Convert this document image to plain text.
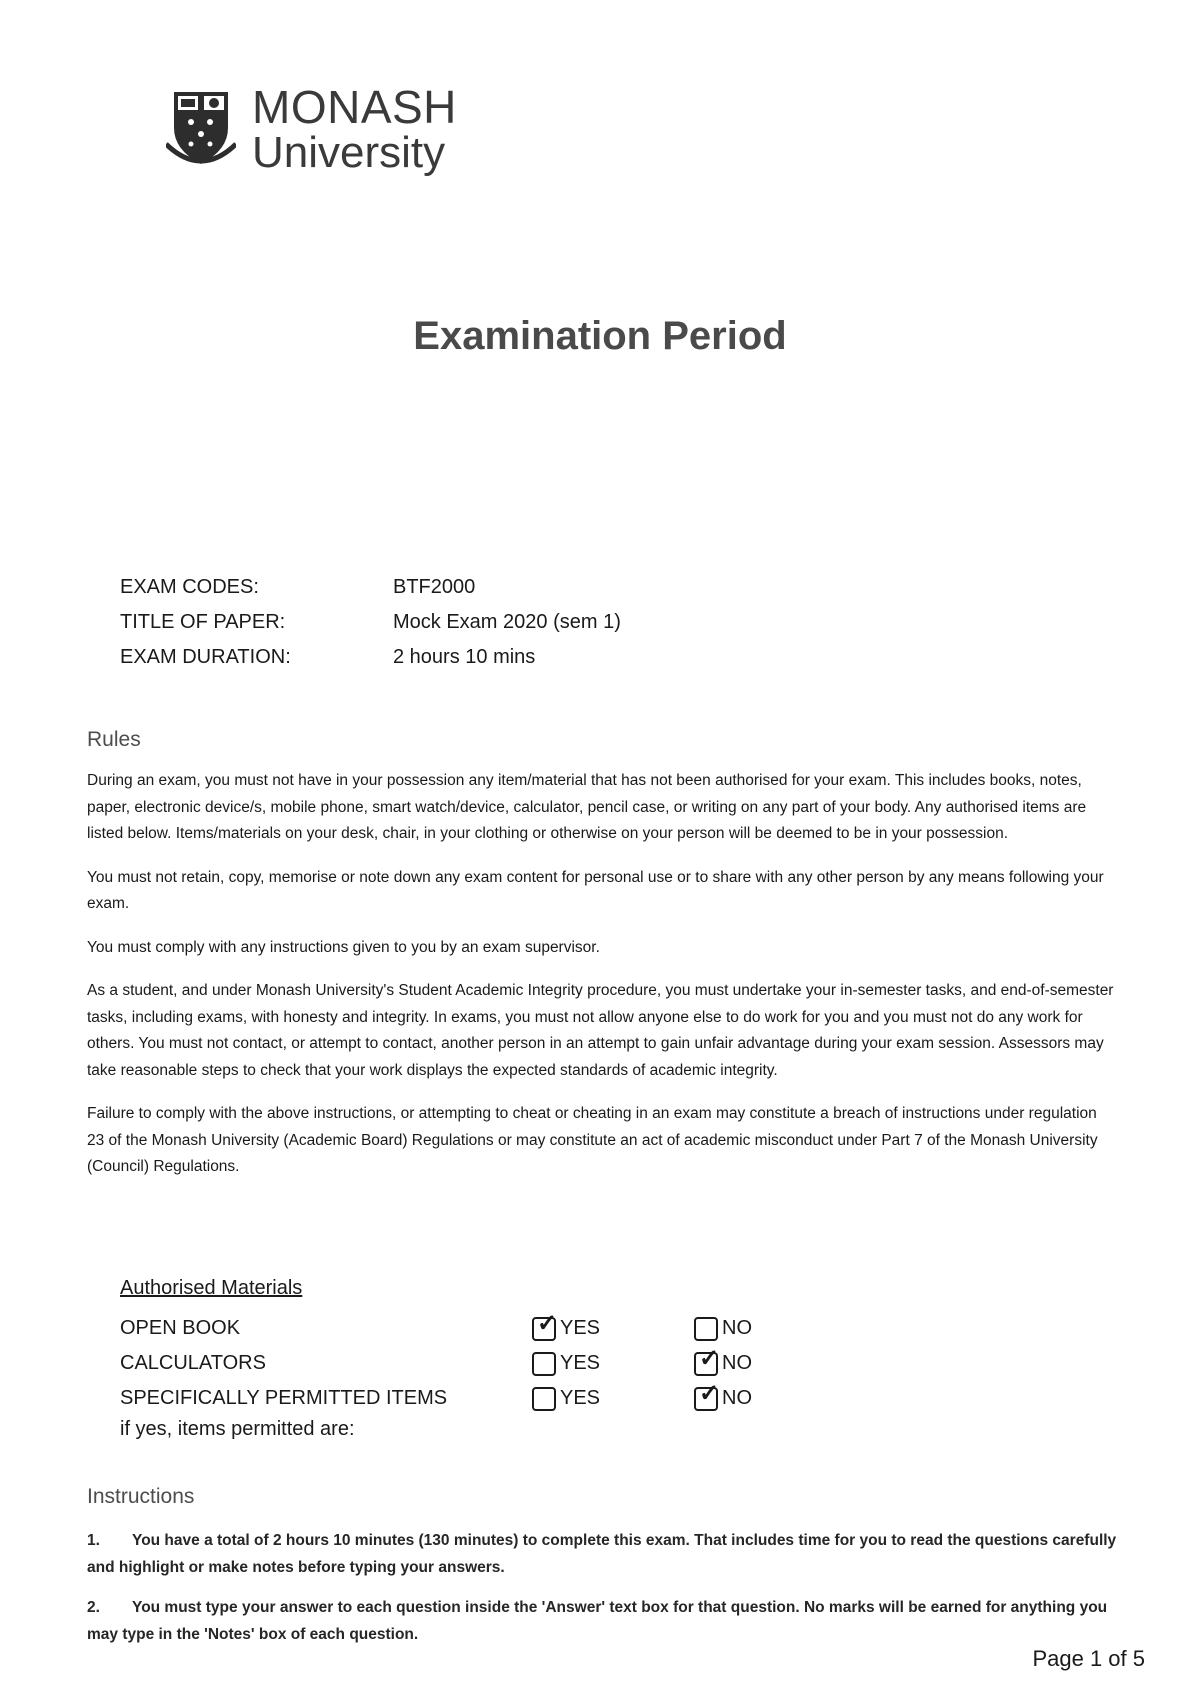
MONASH
University
Examination Period
EXAM CODES:	BTF2000
TITLE OF PAPER:	Mock Exam 2020 (sem 1)
EXAM DURATION:	2 hours 10 mins
Rules

During an exam, you must not have in your possession any item/material that has not been authorised for your exam. This includes books, notes, paper, electronic device/s, mobile phone, smart watch/device, calculator, pencil case, or writing on any part of your body. Any authorised items are listed below. Items/materials on your desk, chair, in your clothing or otherwise on your person will be deemed to be in your possession.

You must not retain, copy, memorise or note down any exam content for personal use or to share with any other person by any means following your exam.

You must comply with any instructions given to you by an exam supervisor.

As a student, and under Monash University's Student Academic Integrity procedure, you must undertake your in-semester tasks, and end-of-semester tasks, including exams, with honesty and integrity. In exams, you must not allow anyone else to do work for you and you must not do any work for others. You must not contact, or attempt to contact, another person in an attempt to gain unfair advantage during your exam session. Assessors may take reasonable steps to check that your work displays the expected standards of academic integrity.

Failure to comply with the above instructions, or attempting to cheat or cheating in an exam may constitute a breach of instructions under regulation 23 of the Monash University (Academic Board) Regulations or may constitute an act of academic misconduct under Part 7 of the Monash University (Council) Regulations.

Authorised Materials
OPEN BOOK	✓ YES	NO
CALCULATORS	YES	✓ NO
SPECIFICALLY PERMITTED ITEMS	YES	✓ NO
if yes, items permitted are:
Instructions

1. You have a total of 2 hours 10 minutes (130 minutes) to complete this exam. That includes time for you to read the questions carefully and highlight or make notes before typing your answers.

2. You must type your answer to each question inside the 'Answer' text box for that question. No marks will be earned for anything you may type in the 'Notes' box of each question.

Page 1 of 5
